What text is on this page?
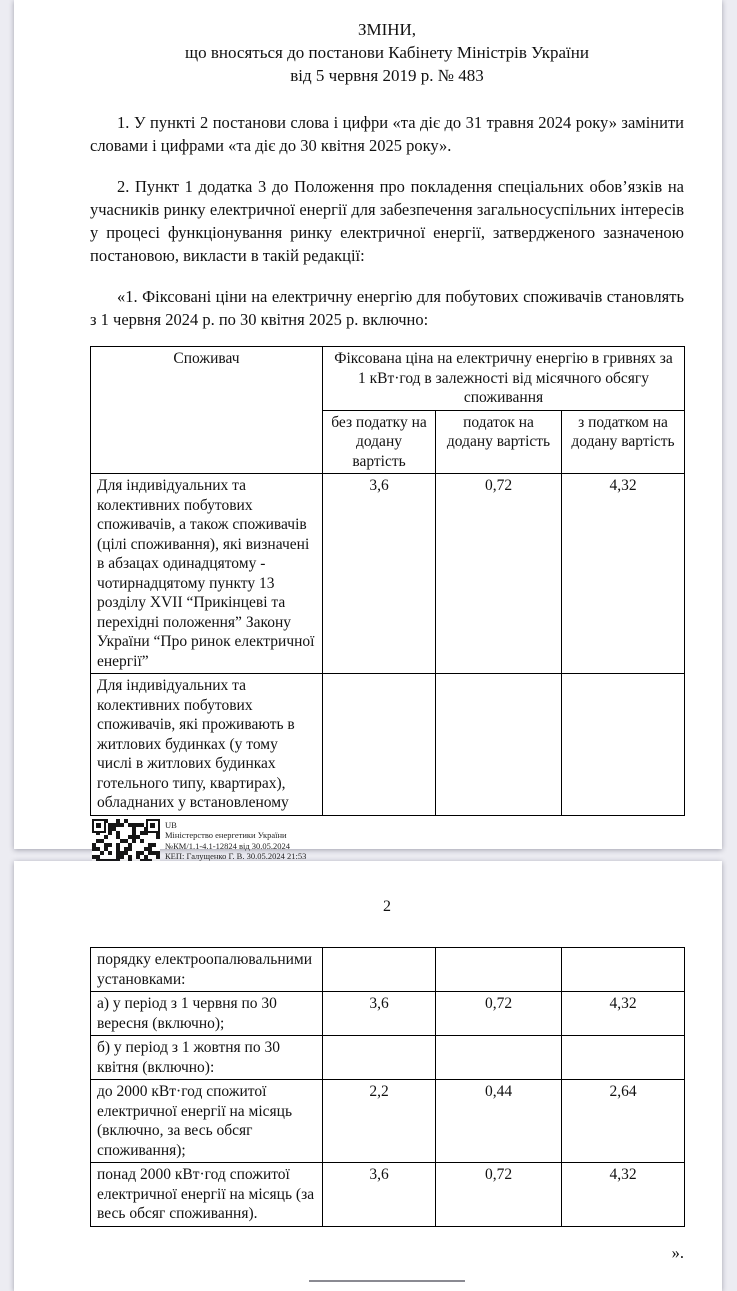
ЗМІНИ,
що вносяться до постанови Кабінету Міністрів України
від 5 червня 2019 р. № 483

1. У пункті 2 постанови слова і цифри «та діє до 31 травня 2024 року» замінити словами і цифрами «та діє до 30 квітня 2025 року».

2. Пункт 1 додатка 3 до Положення про покладення спеціальних обов’язків на учасників ринку електричної енергії для забезпечення загальносуспільних інтересів у процесі функціонування ринку електричної енергії, затвердженого зазначеною постановою, викласти в такій редакції:

«1. Фіксовані ціни на електричну енергію для побутових споживачів становлять з 1 червня 2024 р. по 30 квітня 2025 р. включно:

Споживач	Фіксована ціна на електричну енергію в гривнях за 1 кВт·год в залежності від місячного обсягу споживання		
	без податку на додану вартість	податок на додану вартість	з податком на додану вартість
Для індивідуальних та колективних побутових споживачів, а також споживачів (цілі споживання), які визначені в абзацах одинадцятому - чотирнадцятому пункту 13 розділу XVII “Прикінцеві та перехідні положення” Закону України “Про ринок електричної енергії”	3,6	0,72	4,32
Для індивідуальних та колективних побутових споживачів, які проживають в житлових будинках (у тому числі в житлових будинках готельного типу, квартирах), обладнаних у встановленому			
UB
Міністерство енергетики України
№КМ/1.1-4.1-12824 від 30.05.2024
КЕП: Галущенко Г. В. 30.05.2024 21:53
2
порядку електроопалювальними установками:			
а) у період з 1 червня по 30 вересня (включно);	3,6	0,72	4,32
б) у період з 1 жовтня по 30 квітня (включно):			
до 2000 кВт·год спожитої електричної енергії на місяць (включно, за весь обсяг споживання);	2,2	0,44	2,64
понад 2000 кВт·год спожитої електричної енергії на місяць (за весь обсяг споживання).	3,6	0,72	4,32
».
